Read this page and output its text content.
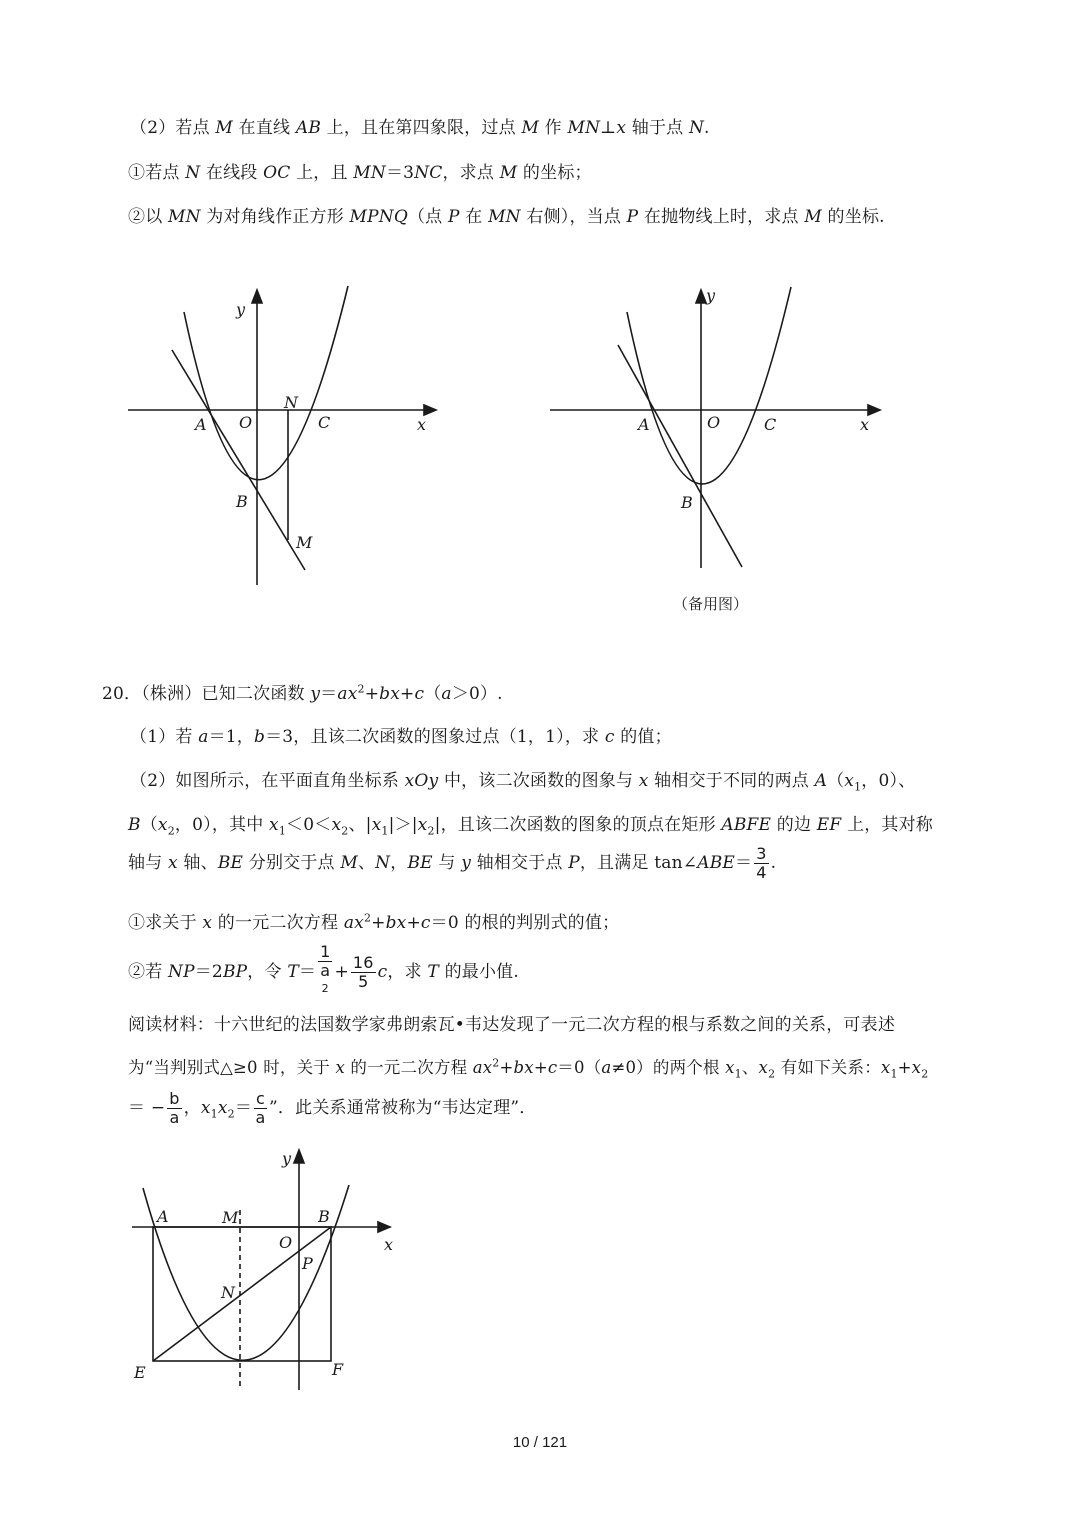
（2）若点 M 在直线 AB 上，且在第四象限，过点 M 作 MN⊥x 轴于点 N.
①若点 N 在线段 OC 上，且 MN＝3NC，求点 M 的坐标；
②以 MN 为对角线作正方形 MPNQ（点 P 在 MN 右侧），当点 P 在抛物线上时，求点 M 的坐标.
y
x
A O
N
C
B
M
y
x
A	O	C
B
（备用图）
y
x
A	M	B
O
P
N
E	F
20．（株洲）已知二次函数 $y=ax^2+bx+c(a>0)$.
（1）若 a＝1，b＝3，且该二次函数的图象过点（1，1），求 c 的值；
（2）如图所示，在平面直角坐标系 xOy 中，该二次函数的图象与 x 轴相交于不同的两点 $A(x_1$，0）、
$B(x_2$，0），其中 $x_1<0<x_2$、$|x_1|>|x_2|$，且该二次函数的图象的顶点在矩形 ABFE 的边 EF 上，其对称
轴与 x 轴、BE 分别交于点 M、N，BE 与 y 轴相交于点 P，且满足 tan∠ABE＝ $\frac{3}{4}$ .
①求关于 x 的一元二次方程 $ax^2+bx+c=0$ 的根的判别式的值；
②若 NP＝2BP，令 T＝ 1
a
$^2 + \frac{16}{5}$ c，求 T 的最小值.
阅读材料：十六世纪的法国数学家弗朗索瓦•韦达发现了一元二次方程的根与系数之间的关系，可表述
为“当判别式△≥0 时，关于 x 的一元二次方程 $ax^2+bx+c=0(a\ne 0)$的两个根 $x_1$、$x_2$ 有如下关系：$x_1+x_2$
＝ − $\frac{b}{a}$ ，$x_1x_2= \frac{c}{a}$ ”．此关系通常被称为“韦达定理”．
10 / 121
